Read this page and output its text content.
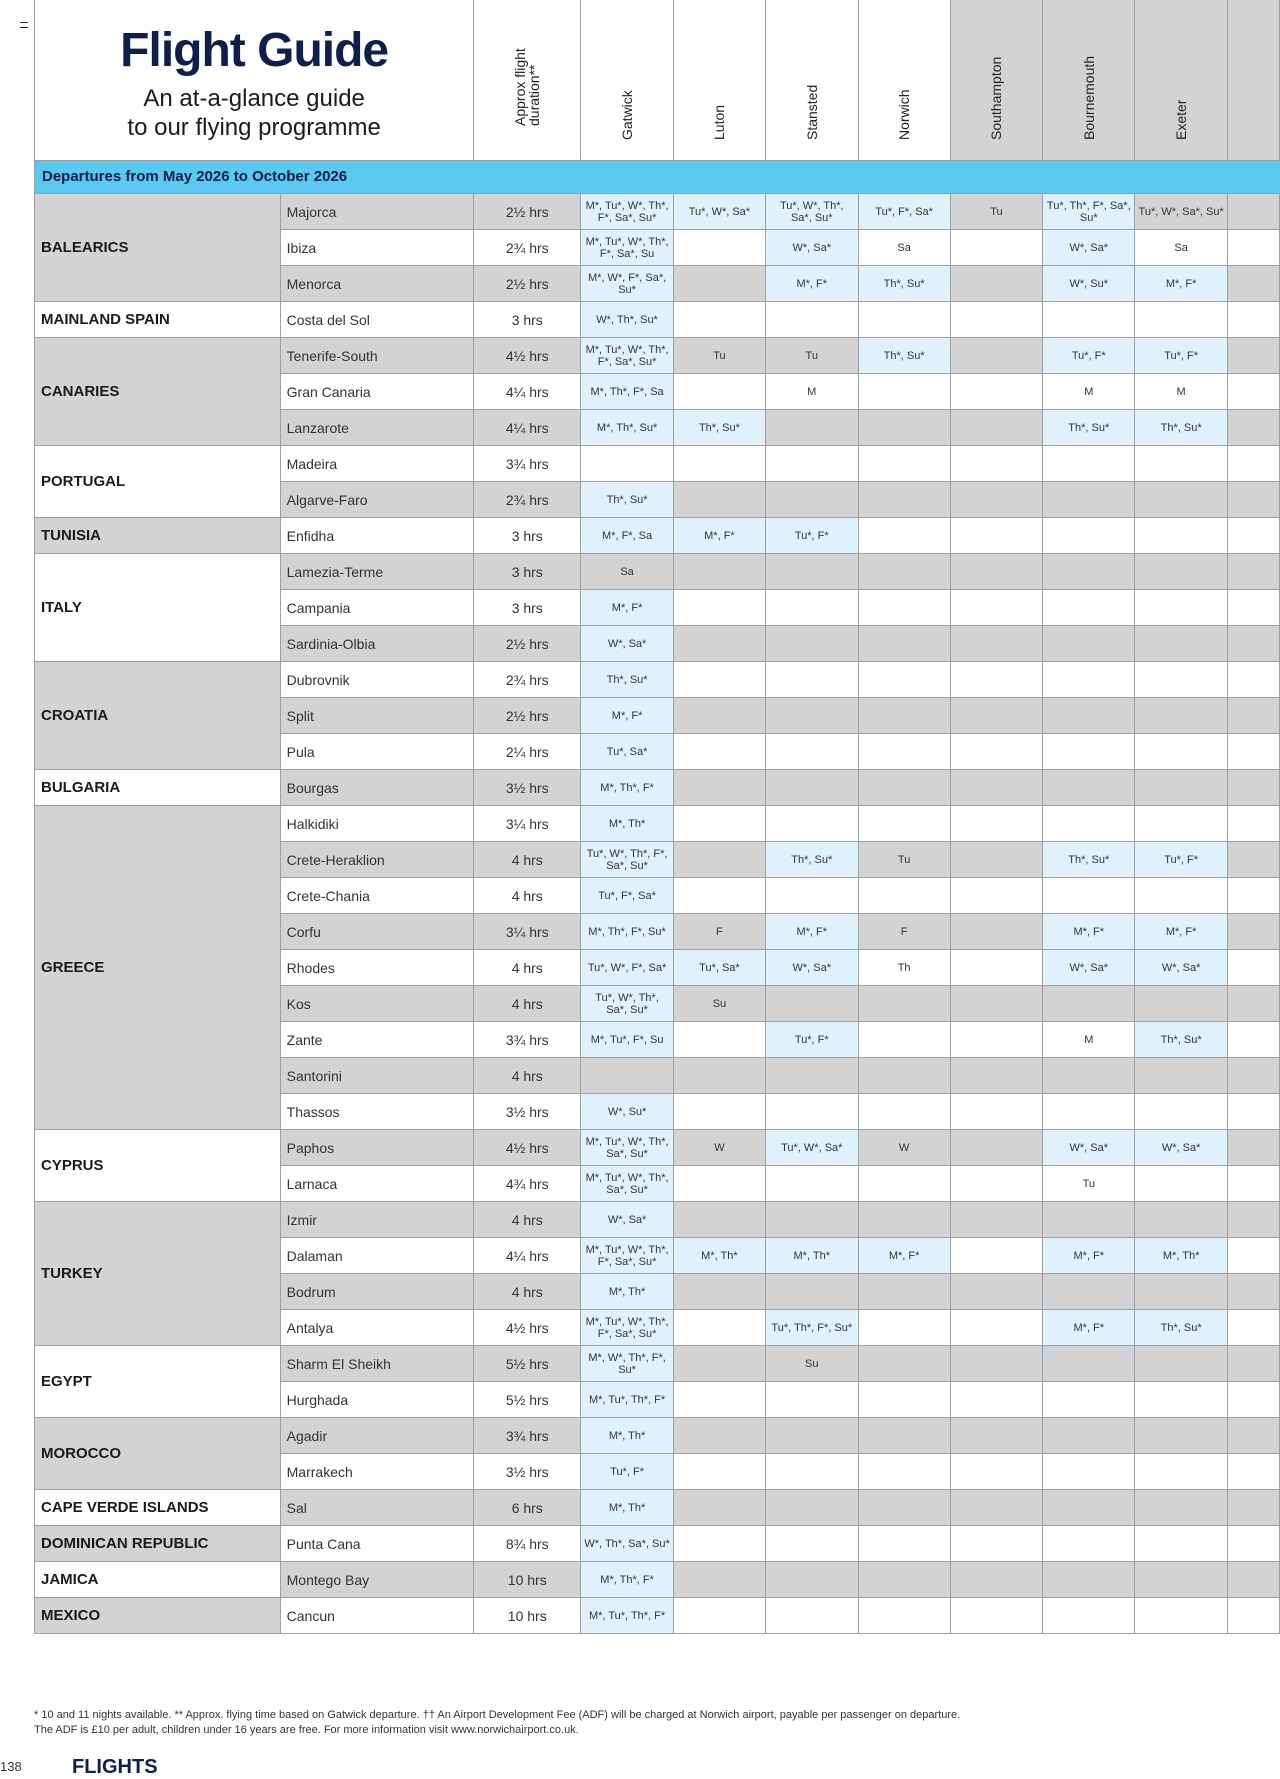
Flight Guide

An at-a-glance guide
to our flying programme

Approx flight duration**	Gatwick	Luton	Stansted	Norwich	Southampton	Bournemouth	Exeter
Departures from May 2026 to October 2026
BALEARICS	Majorca	2½ hrs	M*, Tu*, W*, Th*, F*, Sa*, Su*	Tu*, W*, Sa*	Tu*, W*, Th*, Sa*, Su*	Tu*, F*, Sa*	Tu	Tu*, Th*, F*, Sa*, Su*	Tu*, W*, Sa*, Su*	
	Ibiza	2¾ hrs	M*, Tu*, W*, Th*, F*, Sa*, Su		W*, Sa*	Sa		W*, Sa*	Sa	
	Menorca	2½ hrs	M*, W*, F*, Sa*, Su*		M*, F*	Th*, Su*		W*, Su*	M*, F*	
MAINLAND SPAIN	Costa del Sol	3 hrs	W*, Th*, Su*							
CANARIES	Tenerife-South	4½ hrs	M*, Tu*, W*, Th*, F*, Sa*, Su*	Tu	Tu	Th*, Su*		Tu*, F*	Tu*, F*	
	Gran Canaria	4¼ hrs	M*, Th*, F*, Sa		M			M	M	
	Lanzarote	4¼ hrs	M*, Th*, Su*	Th*, Su*				Th*, Su*	Th*, Su*	
PORTUGAL	Madeira	3¾ hrs								
	Algarve-Faro	2¾ hrs	Th*, Su*							
TUNISIA	Enfidha	3 hrs	M*, F*, Sa	M*, F*	Tu*, F*					
ITALY	Lamezia-Terme	3 hrs	Sa							
	Campania	3 hrs	M*, F*							
	Sardinia-Olbia	2½ hrs	W*, Sa*							
CROATIA	Dubrovnik	2¾ hrs	Th*, Su*							
	Split	2½ hrs	M*, F*							
	Pula	2¼ hrs	Tu*, Sa*							
BULGARIA	Bourgas	3½ hrs	M*, Th*, F*							
GREECE	Halkidiki	3¼ hrs	M*, Th*							
	Crete-Heraklion	4 hrs	Tu*, W*, Th*, F*, Sa*, Su*		Th*, Su*	Tu		Th*, Su*	Tu*, F*	
	Crete-Chania	4 hrs	Tu*, F*, Sa*							
	Corfu	3¼ hrs	M*, Th*, F*, Su*	F	M*, F*	F		M*, F*	M*, F*	
	Rhodes	4 hrs	Tu*, W*, F*, Sa*	Tu*, Sa*	W*, Sa*	Th		W*, Sa*	W*, Sa*	
	Kos	4 hrs	Tu*, W*, Th*, Sa*, Su*	Su						
	Zante	3¾ hrs	M*, Tu*, F*, Su		Tu*, F*			M	Th*, Su*	
	Santorini	4 hrs								
	Thassos	3½ hrs	W*, Su*							
CYPRUS	Paphos	4½ hrs	M*, Tu*, W*, Th*, Sa*, Su*	W	Tu*, W*, Sa*	W		W*, Sa*	W*, Sa*	
	Larnaca	4¾ hrs	M*, Tu*, W*, Th*, Sa*, Su*					Tu		
TURKEY	Izmir	4 hrs	W*, Sa*							
	Dalaman	4¼ hrs	M*, Tu*, W*, Th*, F*, Sa*, Su*	M*, Th*	M*, Th*	M*, F*		M*, F*	M*, Th*	
	Bodrum	4 hrs	M*, Th*							
	Antalya	4½ hrs	M*, Tu*, W*, Th*, F*, Sa*, Su*		Tu*, Th*, F*, Su*			M*, F*	Th*, Su*	
EGYPT	Sharm El Sheikh	5½ hrs	M*, W*, Th*, F*, Su*		Su					
	Hurghada	5½ hrs	M*, Tu*, Th*, F*							
MOROCCO	Agadir	3¾ hrs	M*, Th*							
	Marrakech	3½ hrs	Tu*, F*							
CAPE VERDE ISLANDS	Sal	6 hrs	M*, Th*							
DOMINICAN REPUBLIC	Punta Cana	8¾ hrs	W*, Th*, Sa*, Su*							
JAMICA	Montego Bay	10 hrs	M*, Th*, F*							
MEXICO	Cancun	10 hrs	M*, Tu*, Th*, F*							
* 10 and 11 nights available. ** Approx. flying time based on Gatwick departure. †† An Airport Development Fee (ADF) will be charged at Norwich airport, payable per passenger on departure.
The ADF is £10 per adult, children under 16 years are free. For more information visit www.norwichairport.co.uk.
138	FLIGHTS
